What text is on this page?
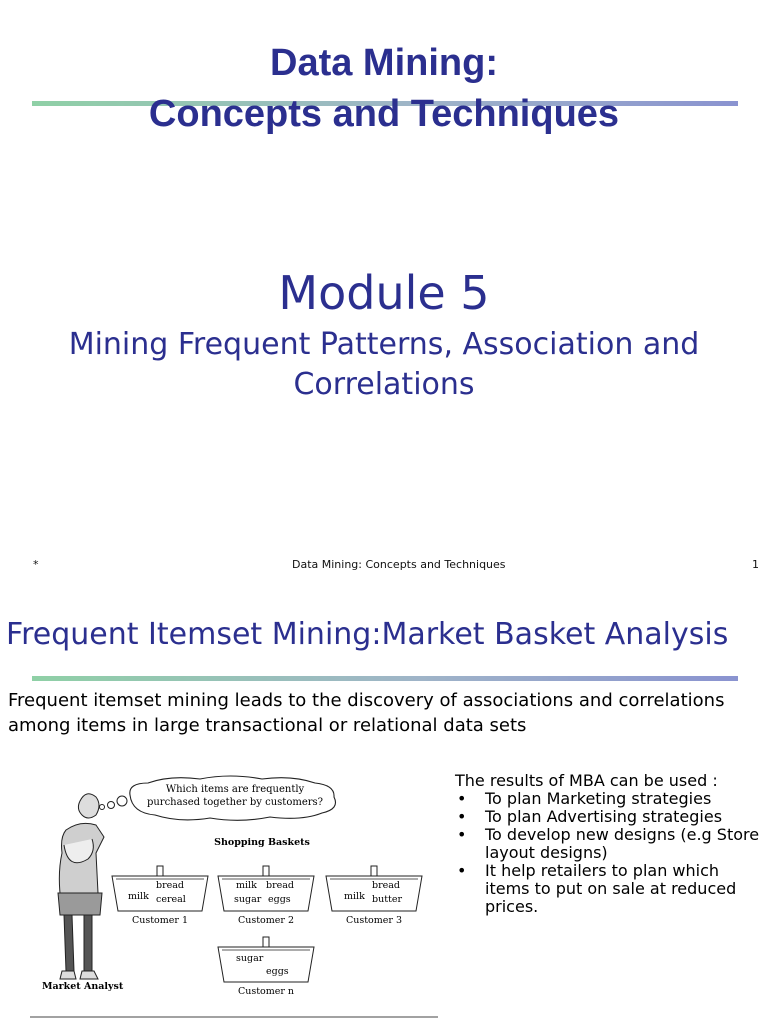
Data Mining:
Concepts and Techniques
Module 5
Mining Frequent Patterns, Association and
Correlations
*	Data Mining: Concepts and Techniques	1
Frequent Itemset Mining:Market Basket Analysis
Frequent itemset mining leads to the discovery of associations and correlations
among items in large transactional or relational data sets
Which items are frequently
purchased together by customers?
Market Analyst
Shopping Baskets
milk
bread
cereal
Customer 1
milk bread
sugar eggs
Customer 2
bread
milk butter
Customer 3
sugar
eggs
Customer n
The results of MBA can be used :
• To plan Marketing strategies
• To plan Advertising strategies
• To develop new designs (e.g Store layout designs)
• It help retailers to plan which items to put on sale at reduced prices.
